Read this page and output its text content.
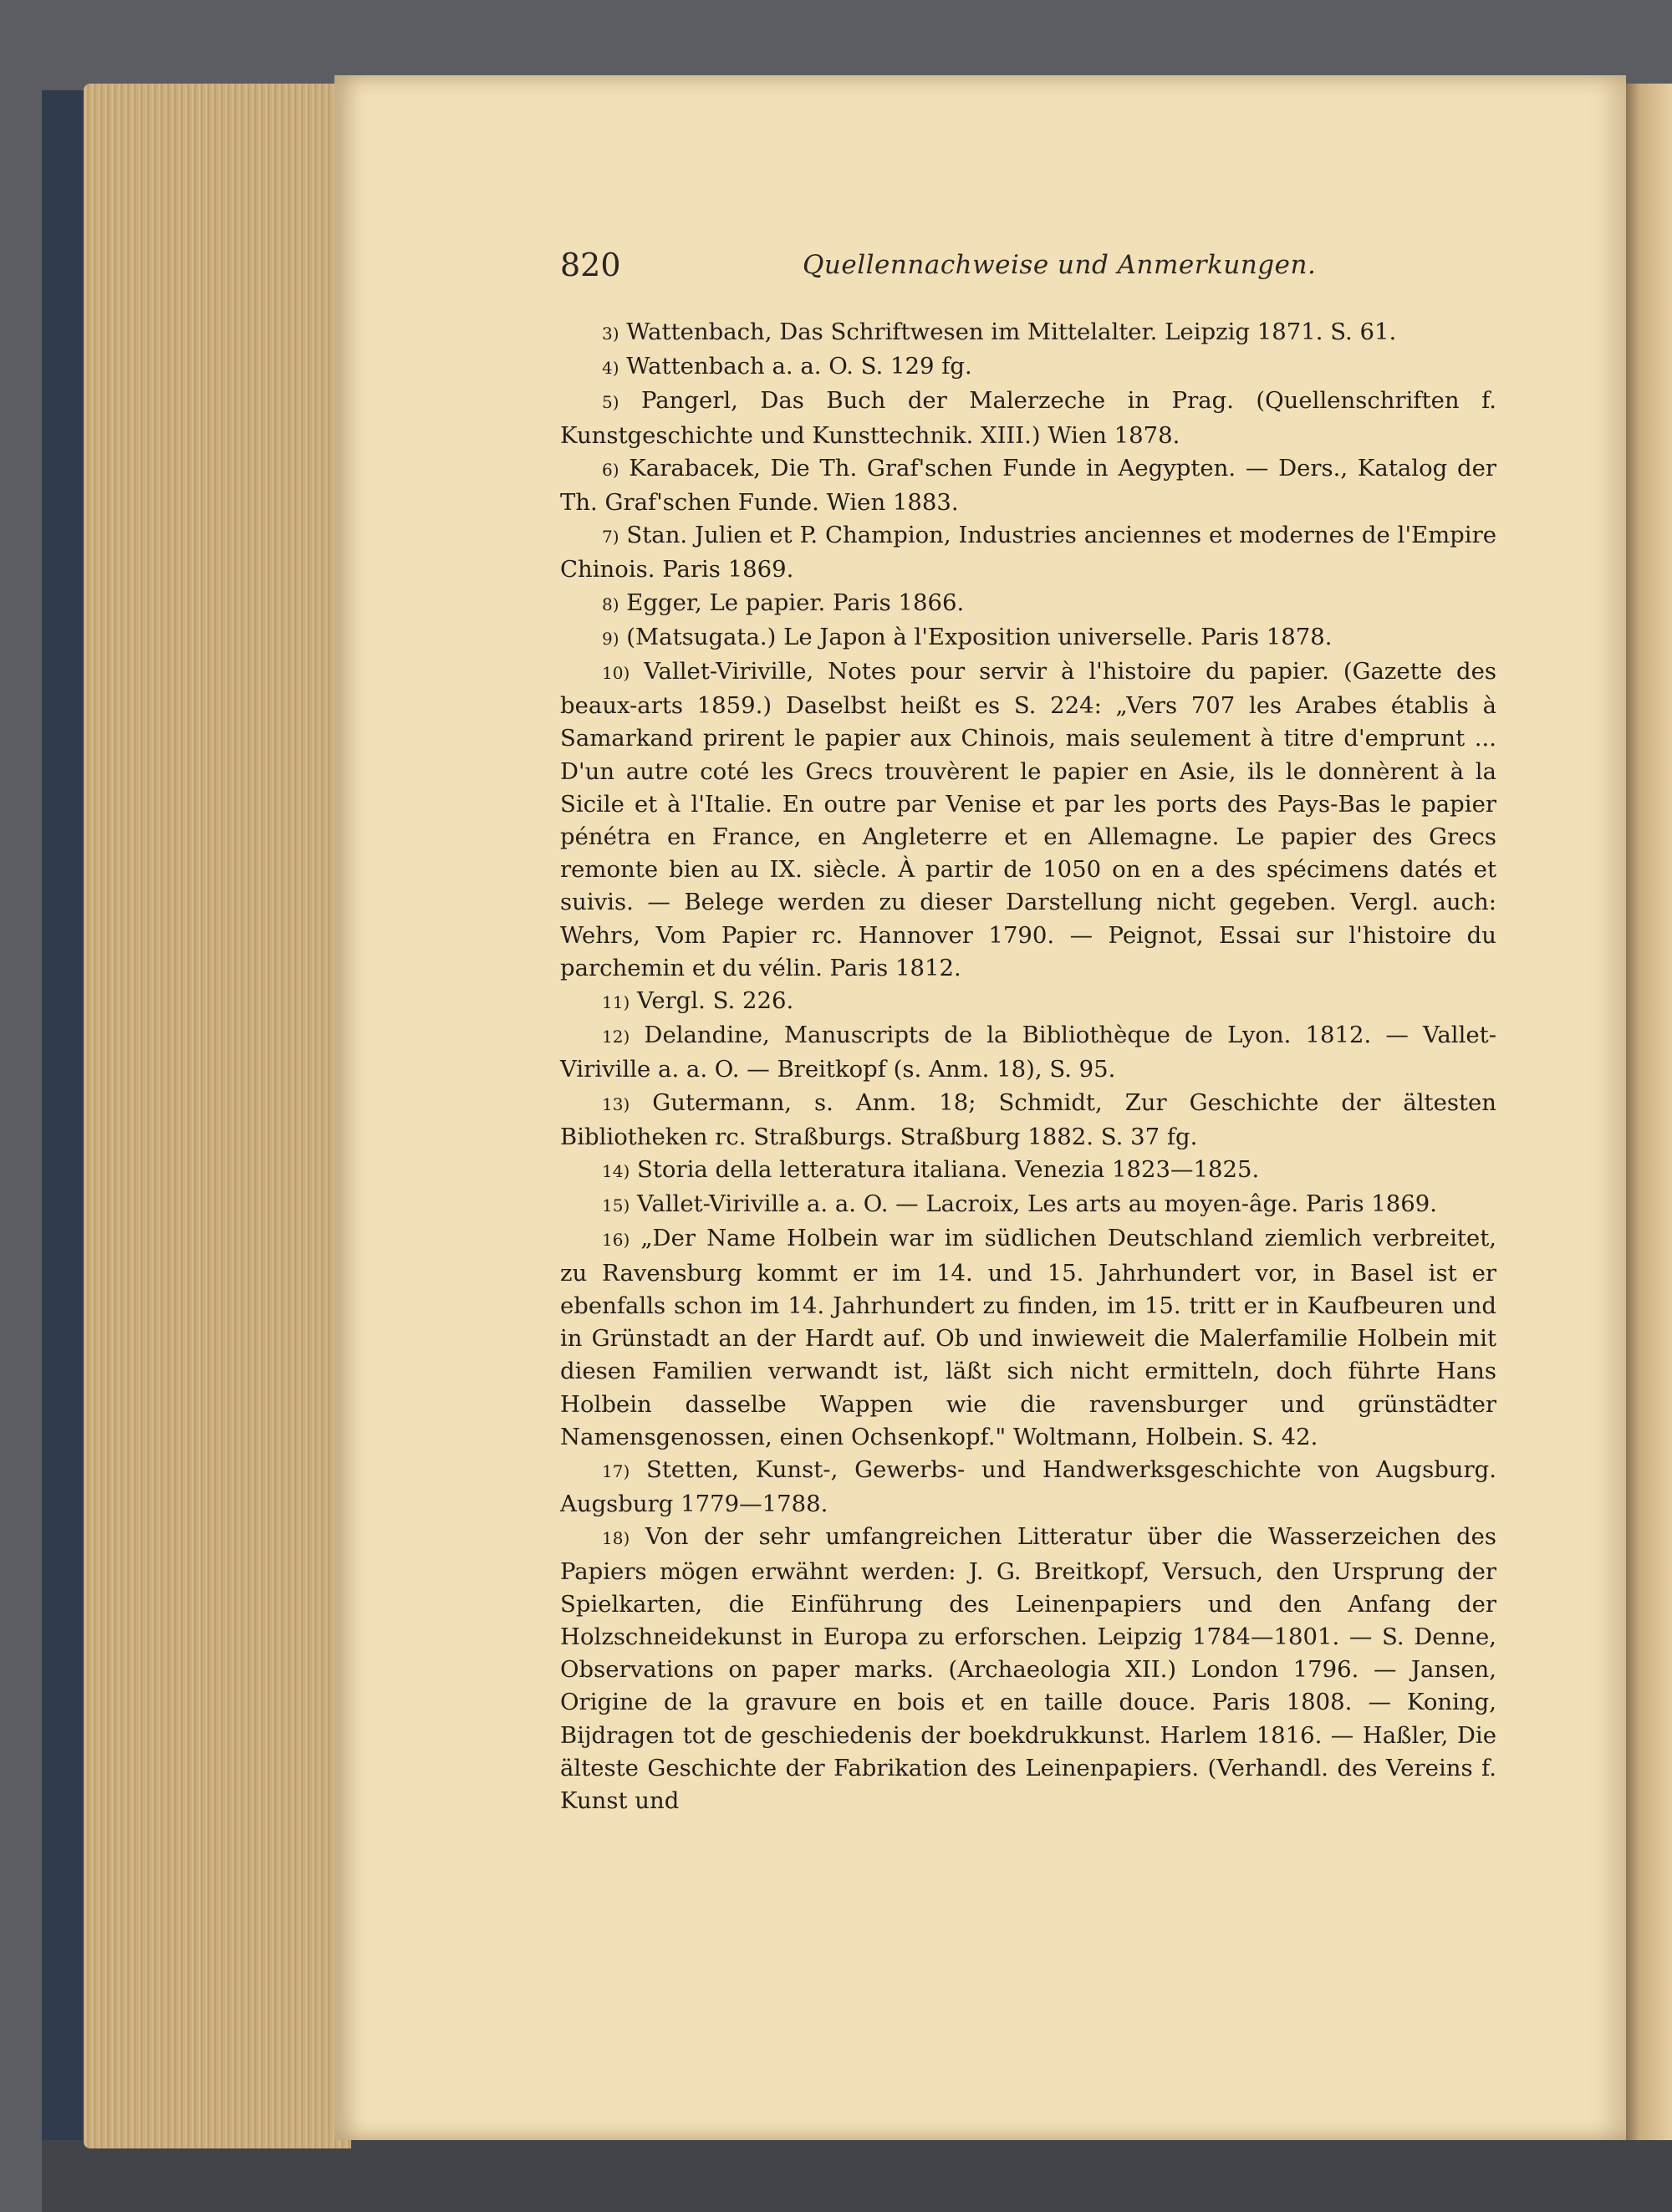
820	Quellennachweise und Anmerkungen.

3) Wattenbach, Das Schriftwesen im Mittelalter. Leipzig 1871. S. 61.

4) Wattenbach a. a. O. S. 129 fg.

5) Pangerl, Das Buch der Malerzeche in Prag. (Quellenschriften f. Kunstgeschichte und Kunsttechnik. XIII.) Wien 1878.

6) Karabacek, Die Th. Graf'schen Funde in Aegypten. — Ders., Katalog der Th. Graf'schen Funde. Wien 1883.

7) Stan. Julien et P. Champion, Industries anciennes et modernes de l'Empire Chinois. Paris 1869.

8) Egger, Le papier. Paris 1866.

9) (Matsugata.) Le Japon à l'Exposition universelle. Paris 1878.

10) Vallet-Viriville, Notes pour servir à l'histoire du papier. (Gazette des beaux-arts 1859.) Daselbst heißt es S. 224: „Vers 707 les Arabes établis à Samarkand prirent le papier aux Chinois, mais seulement à titre d'emprunt ... D'un autre coté les Grecs trouvèrent le papier en Asie, ils le donnèrent à la Sicile et à l'Italie. En outre par Venise et par les ports des Pays-Bas le papier pénétra en France, en Angleterre et en Allemagne. Le papier des Grecs remonte bien au IX. siècle. À partir de 1050 on en a des spécimens datés et suivis. — Belege werden zu dieser Darstellung nicht gegeben. Vergl. auch: Wehrs, Vom Papier rc. Hannover 1790. — Peignot, Essai sur l'histoire du parchemin et du vélin. Paris 1812.

11) Vergl. S. 226.

12) Delandine, Manuscripts de la Bibliothèque de Lyon. 1812. — Vallet-Viriville a. a. O. — Breitkopf (s. Anm. 18), S. 95.

13) Gutermann, s. Anm. 18; Schmidt, Zur Geschichte der ältesten Bibliotheken rc. Straßburgs. Straßburg 1882. S. 37 fg.

14) Storia della letteratura italiana. Venezia 1823—1825.

15) Vallet-Viriville a. a. O. — Lacroix, Les arts au moyen-âge. Paris 1869.

16) „Der Name Holbein war im südlichen Deutschland ziemlich verbreitet, zu Ravensburg kommt er im 14. und 15. Jahrhundert vor, in Basel ist er ebenfalls schon im 14. Jahrhundert zu finden, im 15. tritt er in Kaufbeuren und in Grünstadt an der Hardt auf. Ob und inwieweit die Malerfamilie Holbein mit diesen Familien verwandt ist, läßt sich nicht ermitteln, doch führte Hans Holbein dasselbe Wappen wie die ravensburger und grünstädter Namensgenossen, einen Ochsenkopf." Woltmann, Holbein. S. 42.

17) Stetten, Kunst-, Gewerbs- und Handwerksgeschichte von Augsburg. Augsburg 1779—1788.

18) Von der sehr umfangreichen Litteratur über die Wasserzeichen des Papiers mögen erwähnt werden: J. G. Breitkopf, Versuch, den Ursprung der Spielkarten, die Einführung des Leinenpapiers und den Anfang der Holzschneidekunst in Europa zu erforschen. Leipzig 1784—1801. — S. Denne, Observations on paper marks. (Archaeologia XII.) London 1796. — Jansen, Origine de la gravure en bois et en taille douce. Paris 1808. — Koning, Bijdragen tot de geschiedenis der boekdrukkunst. Harlem 1816. — Haßler, Die älteste Geschichte der Fabrikation des Leinenpapiers. (Verhandl. des Vereins f. Kunst und
